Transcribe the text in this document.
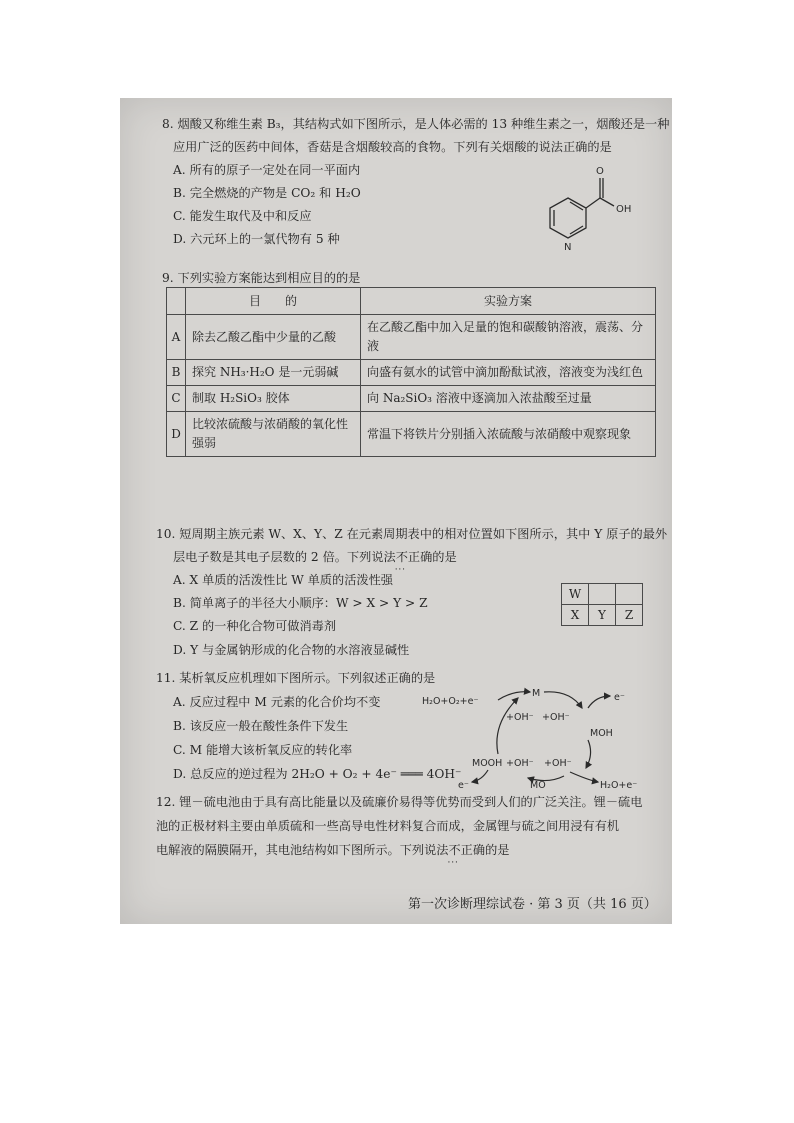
8. 烟酸又称维生素 B₃，其结构式如下图所示，是人体必需的 13 种维生素之一，烟酸还是一种
应用广泛的医药中间体，香菇是含烟酸较高的食物。下列有关烟酸的说法正确的是
A. 所有的原子一定处在同一平面内
B. 完全燃烧的产物是 CO₂ 和 H₂O
C. 能发生取代及中和反应
D. 六元环上的一氯代物有 5 种
O
OH
N
9. 下列实验方案能达到相应目的的是
	目　　的	实验方案
A	除去乙酸乙酯中少量的乙酸	在乙酸乙酯中加入足量的饱和碳酸钠溶液，震荡、分液
B	探究 NH₃·H₂O 是一元弱碱	向盛有氨水的试管中滴加酚酞试液，溶液变为浅红色
C	制取 H₂SiO₃ 胶体	向 Na₂SiO₃ 溶液中逐滴加入浓盐酸至过量
D	比较浓硫酸与浓硝酸的氧化性强弱	常温下将铁片分别插入浓硫酸与浓硝酸中观察现象
10. 短周期主族元素 W、X、Y、Z 在元素周期表中的相对位置如下图所示，其中 Y 原子的最外
层电子数是其电子层数的 2 倍。下列说法不正确 · · ·的是
A. X 单质的活泼性比 W 单质的活泼性强
B. 简单离子的半径大小顺序：W > X > Y > Z
C. Z 的一种化合物可做消毒剂
D. Y 与金属钠形成的化合物的水溶液显碱性
W		
X	Y	Z
11. 某析氧反应机理如下图所示。下列叙述正确的是
A. 反应过程中 M 元素的化合价均不变
B. 该反应一般在酸性条件下发生
C. M 能增大该析氧反应的转化率
D. 总反应的逆过程为 2H₂O + O₂ + 4e⁻ ═══ 4OH⁻
H₂O+O₂+e⁻
M	e⁻
+OH⁻ +OH⁻
MOOH
MOH
+OH⁻ +OH⁻
e⁻	MO	H₂O+e⁻
12. 锂－硫电池由于具有高比能量以及硫廉价易得等优势而受到人们的广泛关注。锂－硫电
池的正极材料主要由单质硫和一些高导电性材料复合而成，金属锂与硫之间用浸有有机
电解液的隔膜隔开，其电池结构如下图所示。下列说法不正确 · · ·的是
第一次诊断理综试卷 · 第 3 页（共 16 页）
